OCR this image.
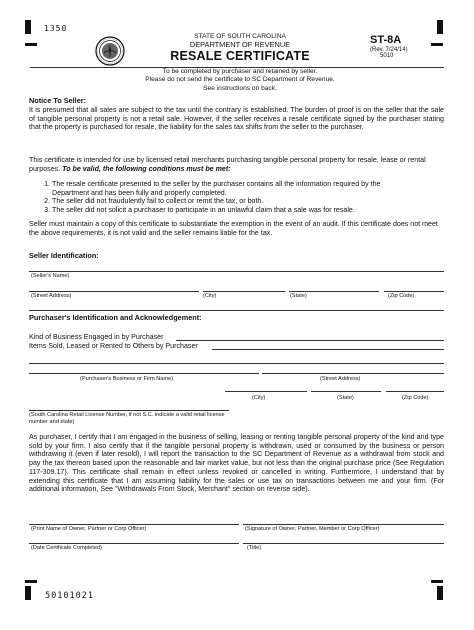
1350
STATE OF SOUTH CAROLINA
DEPARTMENT OF REVENUE
RESALE CERTIFICATE
ST-8A
(Rev. 7/24/14)
5010
To be completed by purchaser and retained by seller.
Please do not send the certificate to SC Department of Revenue.
See instructions on back.
Notice To Seller:
It is presumed that all sales are subject to the tax until the contrary is established. The burden of proof is on the seller that the sale of tangible personal property is not a retail sale. However, if the seller receives a resale certificate signed by the purchaser stating that the property is purchased for resale, the liability for the sales tax shifts from the seller to the purchaser.
This certificate is intended for use by licensed retail merchants purchasing tangible personal property for resale, lease or rental purposes. To be valid, the following conditions must be met:
1. The resale certificate presented to the seller by the purchaser contains all the information required by the Department and has been fully and properly completed.
2. The seller did not fraudulently fail to collect or remit the tax, or both.
3. The seller did not solicit a purchaser to participate in an unlawful claim that a sale was for resale.
Seller must maintain a copy of this certificate to substantiate the exemption in the event of an audit. If this certificate does not meet the above requirements, it is not valid and the seller remains liable for the tax.
Seller Identification:
(Seller's Name)
(Street Address)	(City)	(State)	(Zip Code)
Purchaser's Identification and Acknowledgement:
Kind of Business Engaged in by Purchaser
Items Sold, Leased or Rented to Others by Purchaser
(Purchaser's Business or Firm Name)	(Street Address)
(City)	(State)	(Zip Code)
(South Carolina Retail License Number, if not S.C. indicate a valid retail license number and state)
As purchaser, I certify that I am engaged in the business of selling, leasing or renting tangible personal property of the kind and type sold by your firm. I also certify that if the tangible personal property is withdrawn, used or consumed by the business or person withdrawing it (even if later resold), I will report the transaction to the SC Department of Revenue as a withdrawal from stock and pay the tax thereon based upon the reasonable and fair market value, but not less than the original purchase price (See Regulation 117-309.17). This certificate shall remain in effect unless revoked or cancelled in writing. Furthermore, I understand that by extending this certificate that I am assuming liability for the sales or use tax on transactions between me and your firm. (For additional information, See "Withdrawals From Stock, Merchant" section on reverse side).
(Print Name of Owner, Partner or Corp Officer)	(Signature of Owner, Partner, Member or Corp Officer)
(Date Certificate Completed)	(Title)
50101021
